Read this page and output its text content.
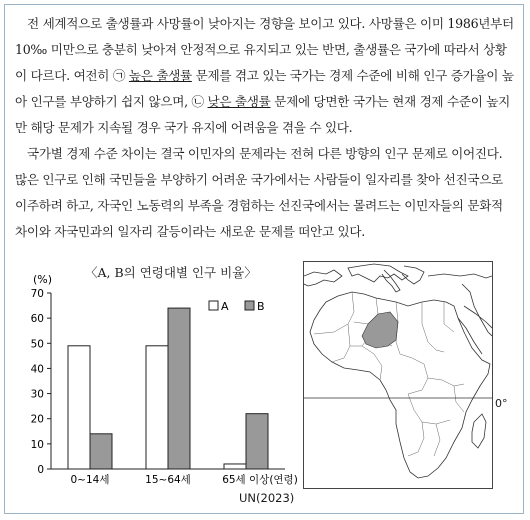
전 세계적으로 출생률과 사망률이 낮아지는 경향을 보이고 있다. 사망률은 이미 1986년부터 10‰ 미만으로 충분히 낮아져 안정적으로 유지되고 있는 반면, 출생률은 국가에 따라서 상황이 다르다. 여전히 ㉠ 높은 출생률 문제를 겪고 있는 국가는 경제 수준에 비해 인구 증가율이 높아 인구를 부양하기 쉽지 않으며, ㉡ 낮은 출생률 문제에 당면한 국가는 현재 경제 수준이 높지만 해당 문제가 지속될 경우 국가 유지에 어려움을 겪을 수 있다.

국가별 경제 수준 차이는 결국 이민자의 문제라는 전혀 다른 방향의 인구 문제로 이어진다. 많은 인구로 인해 국민들을 부양하기 어려운 국가에서는 사람들이 일자리를 찾아 선진국으로 이주하려 하고, 자국인 노동력의 부족을 경험하는 선진국에서는 몰려드는 이민자들의 문화적 차이와 자국민과의 일자리 갈등이라는 새로운 문제를 떠안고 있다.

〈A, B의 연령대별 인구 비율〉
(%)
0
10
20
30
40
50
60
70
0~14세	15~64세	65세 이상(연령)
A	B
UN(2023)
0°
